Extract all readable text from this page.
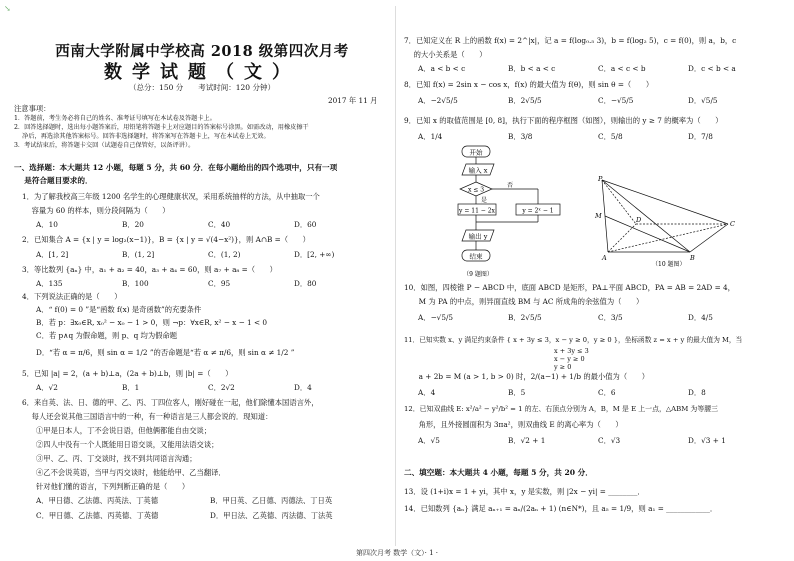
↘
西南大学附属中学校高 2018 级第四次月考
数学试题（文）
（总分：150 分　　考试时间：120 分钟）
2017 年 11 月
注意事项：
1．答题前，考生务必将自己的姓名、准考证号填写在本试卷及答题卡上。
2．回答选择题时，选出每小题答案后，用铅笔将答题卡上对应题目的答案标号涂黑。如需改动，用橡皮擦干
　 净后，再选涂其他答案标号。回答非选择题时，将答案写在答题卡上，写在本试卷上无效。
3．考试结束后，将答题卡交回（试题卷自己保管好，以备评讲）。
一、选择题：本大题共 12 小题，每题 5 分，共 60 分．在每小题给出的四个选项中，只有一项
　 是符合题目要求的．
1．为了解我校高三年级 1200 名学生的心理健康状况，采用系统抽样的方法，从中抽取一个
　 容量为 60 的样本，则分段间隔为（　　）
A．10	B．20	C．40	D．60
2．已知集合 A = {x | y = log₂(x−1)}，B = {x | y = √(4−x²)}，则 A∩B =（　　）
A．[1, 2]	B．(1, 2]	C．(1, 2)	D．[2, +∞)
3．等比数列 {aₙ} 中，a₁ + a₂ = 40，a₃ + a₄ = 60，则 a₇ + a₈ =（　　）
A．135	B．100	C．95	D．80
4．下列说法正确的是（　　）
A．“ f(0) = 0 ”是“函数 f(x) 是奇函数”的充要条件
B．若 p：∃x₀∈R, x₀² − x₀ − 1 > 0，则 ¬p：∀x∈R, x² − x − 1 < 0
C．若 p∧q 为假命题，则 p、q 均为假命题
D．“若 α = π/6，则 sin α = 1/2 ”的否命题是“若 α ≠ π/6，则 sin α ≠ 1/2 ”
5．已知 |a| = 2，(a + b)⊥a，(2a + b)⊥b，则 |b| =（　　）
A．√2	B．1	C．2√2	D．4
6．来自英、法、日、德的甲、乙、丙、丁四位客人，刚好碰在一起，他们除懂本国语言外，
　 每人还会说其他三国语言中的一种，有一种语言是三人都会说的．现知道：
①甲是日本人，丁不会说日语，但他俩都能自由交谈；
②四人中没有一个人既能用日语交谈，又能用法语交谈；
③甲、乙、丙、丁交谈时，找不到共同语言沟通；
④乙不会说英语，当甲与丙交谈时，他能给甲、乙当翻译．
针对他们懂的语言，下列判断正确的是（　　）
A．甲日德、乙法德、丙英法、丁英德	B．甲日英、乙日德、丙德法、丁日英
C．甲日德、乙法德、丙英德、丁英德	D．甲日法、乙英德、丙法德、丁法英
7．已知定义在 R 上的函数 f(x) = 2^|x|，记 a = f(log₀.₅ 3)，b = f(log₂ 5)，c = f(0)，则 a，b，c
　 的大小关系是（　　）
A．a < b < c	B．b < a < c	C．a < c < b	D．c < b < a
8．已知 f(x) = 2sin x − cos x，f(x) 的最大值为 f(θ)，则 sin θ =（　　）
A．−2√5/5	B．2√5/5	C．−√5/5	D．√5/5
9．已知 x 的取值范围是 [0, 8]，执行下面的程序框图（如图），则输出的 y ≥ 7 的概率为（　　）
A．1/4	B．3/8	C．5/8	D．7/8
开始
输入 x
x ≤ 3
否
是
y = 11 − 2x	y = 2ˣ − 1
输出 y
结束
（9 题图）
P
M	D	C
A	B
（10 题图）
10．如图，四棱锥 P − ABCD 中，底面 ABCD 是矩形，PA⊥平面 ABCD，PA = AB = 2AD = 4，
　　M 为 PA 的中点，则异面直线 BM 与 AC 所成角的余弦值为（　　）
A．−√5/5	B．2√5/5	C．3/5	D．4/5
11．已知实数 x、y 满足约束条件 { x + 3y ≤ 3，x − y ≥ 0，y ≥ 0 }，坐标函数 z = x + y 的最大值为 M，当
　　a + 2b = M (a > 1, b > 0) 时，2/(a−1) + 1/b 的最小值为（　　）
A．4	B．5	C．6	D．8
12．已知双曲线 E: x²/a² − y²/b² = 1 的左、右顶点分别为 A，B，M 是 E 上一点，△ABM 为等腰三
　　角形，且外接圆面积为 3πa²，则双曲线 E 的离心率为（　　）
A．√5	B．√2 + 1	C．√3	D．√3 + 1
二、填空题：本大题共 4 小题，每题 5 分，共 20 分．
13．设 (1+i)x = 1 + yi，其中 x，y 是实数，则 |2x − yi| = ________．
14．已知数列 {aₙ} 满足 aₙ₊₁ = aₙ/(2aₙ + 1) (n∈N*)，且 a₅ = 1/9，则 a₁ = ____________．
x + 3y ≤ 3
x − y ≥ 0
y ≥ 0
第四次月考 数学（文）· 1 ·
